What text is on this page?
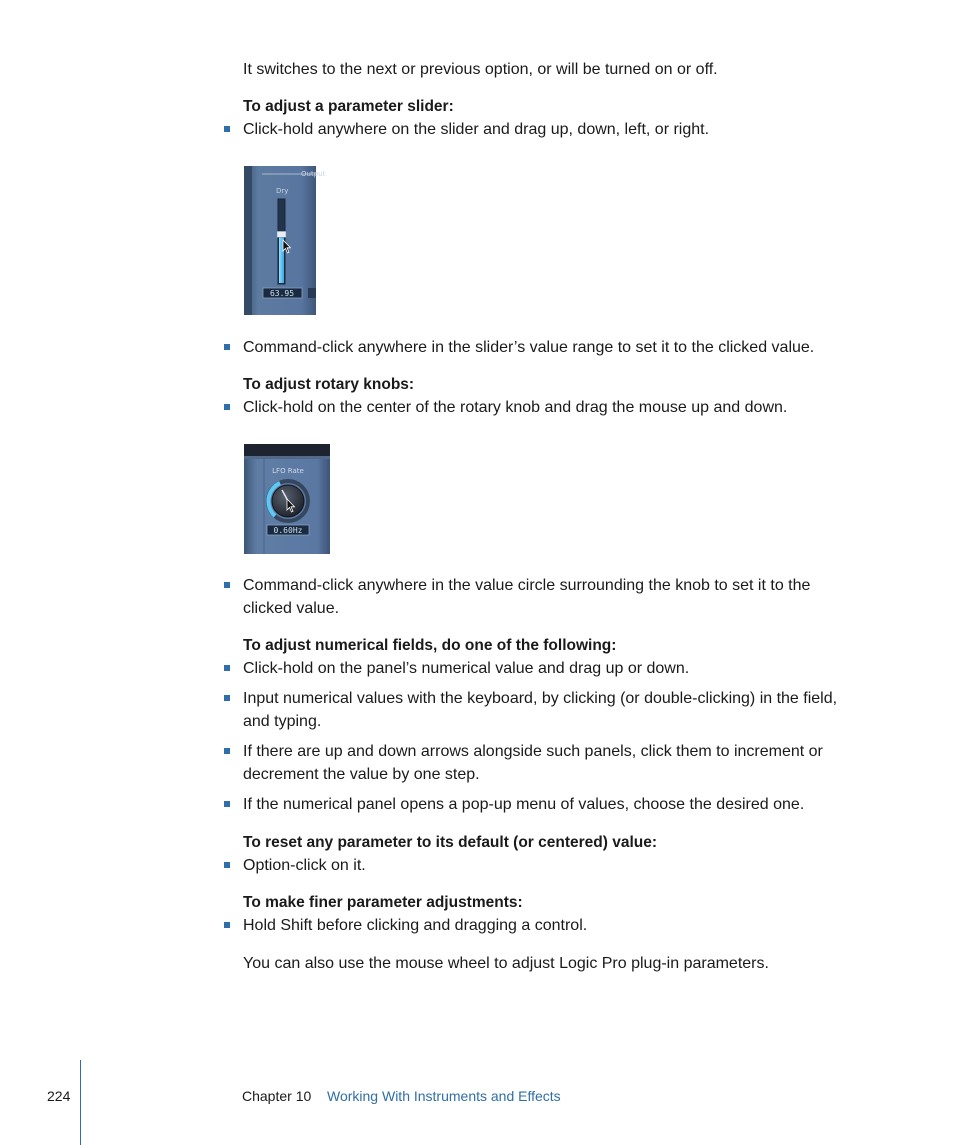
It switches to the next or previous option, or will be turned on or off.
To adjust a parameter slider:
Click-hold anywhere on the slider and drag up, down, left, or right.
Output
Dry
63.95
Command-click anywhere in the slider’s value range to set it to the clicked value.
To adjust rotary knobs:
Click-hold on the center of the rotary knob and drag the mouse up and down.
LFO Rate
0.60Hz
Command-click anywhere in the value circle surrounding the knob to set it to the
clicked value.
To adjust numerical fields, do one of the following:
Click-hold on the panel’s numerical value and drag up or down.
Input numerical values with the keyboard, by clicking (or double-clicking) in the field,
and typing.
If there are up and down arrows alongside such panels, click them to increment or
decrement the value by one step.
If the numerical panel opens a pop-up menu of values, choose the desired one.
To reset any parameter to its default (or centered) value:
Option-click on it.
To make finer parameter adjustments:
Hold Shift before clicking and dragging a control.
You can also use the mouse wheel to adjust Logic Pro plug-in parameters.
224	Chapter 10 Working With Instruments and Effects
